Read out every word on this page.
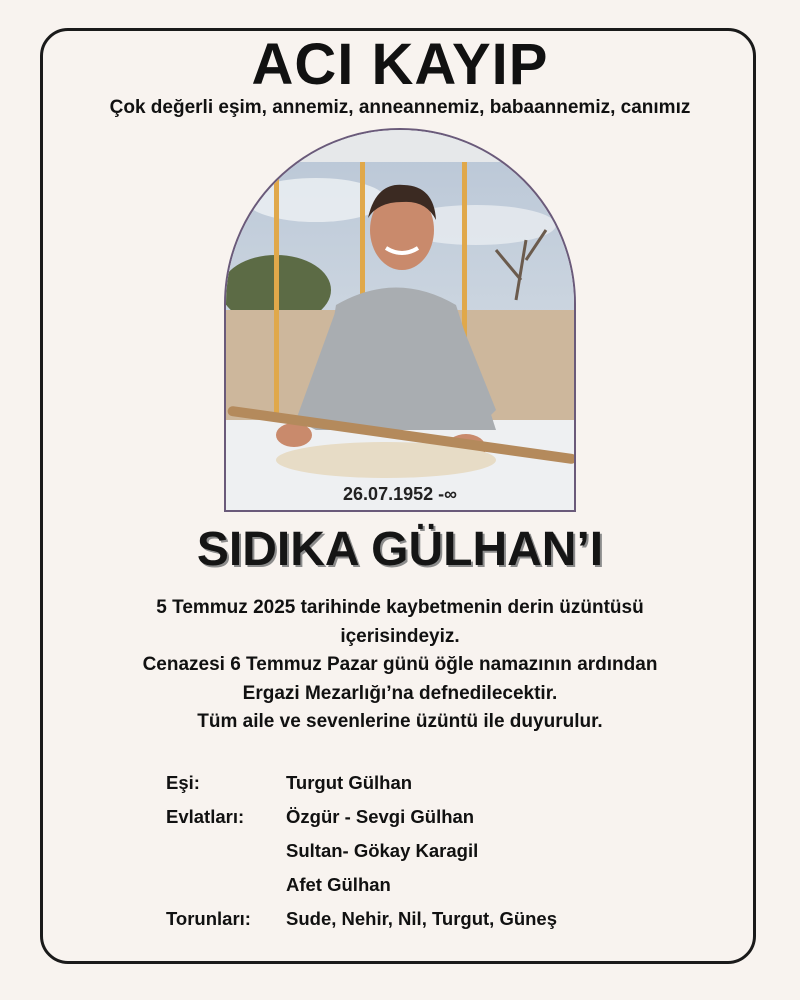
ACI KAYIP
Çok değerli eşim, annemiz, anneannemiz, babaannemiz, canımız
26.07.1952 -∞
SIDIKA GÜLHAN’I
5 Temmuz 2025 tarihinde kaybetmenin derin üzüntüsü
içerisindeyiz.
Cenazesi 6 Temmuz Pazar günü öğle namazının ardından
Ergazi Mezarlığı’na defnedilecektir.
Tüm aile ve sevenlerine üzüntü ile duyurulur.
Eşi:	Turgut Gülhan
Evlatları:	Özgür - Sevgi Gülhan
Sultan- Gökay Karagil
Afet Gülhan
Torunları:	Sude, Nehir, Nil, Turgut, Güneş
